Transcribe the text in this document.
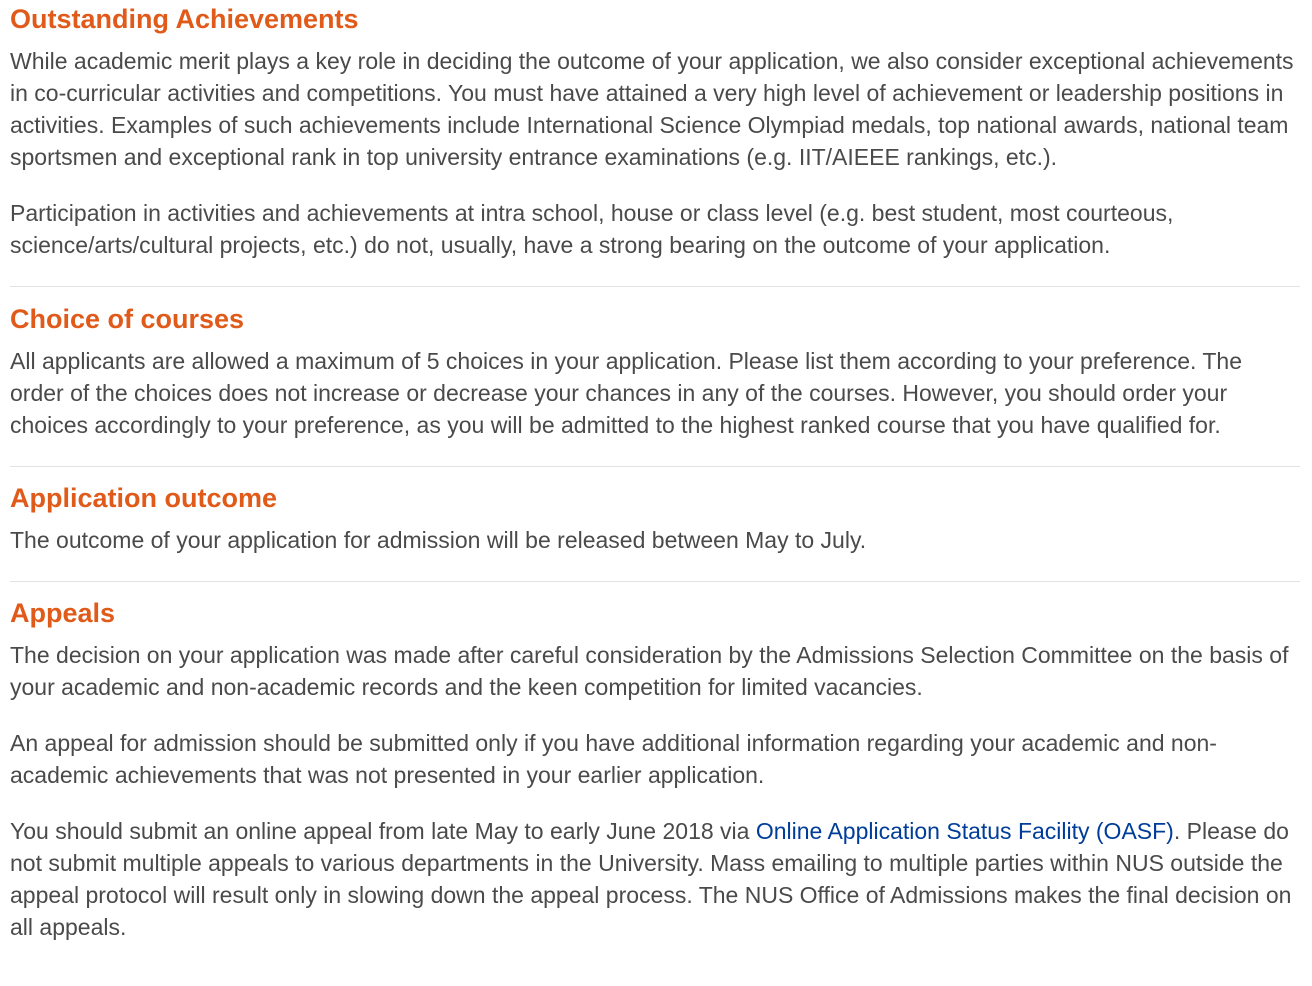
Outstanding Achievements

While academic merit plays a key role in deciding the outcome of your application, we also consider exceptional achievements in co-curricular activities and competitions. You must have attained a very high level of achievement or leadership positions in activities. Examples of such achievements include International Science Olympiad medals, top national awards, national team sportsmen and exceptional rank in top university entrance examinations (e.g. IIT/AIEEE rankings, etc.).

Participation in activities and achievements at intra school, house or class level (e.g. best student, most courteous, science/arts/cultural projects, etc.) do not, usually, have a strong bearing on the outcome of your application.

Choice of courses

All applicants are allowed a maximum of 5 choices in your application. Please list them according to your preference. The order of the choices does not increase or decrease your chances in any of the courses. However, you should order your choices accordingly to your preference, as you will be admitted to the highest ranked course that you have qualified for.

Application outcome

The outcome of your application for admission will be released between May to July.

Appeals

The decision on your application was made after careful consideration by the Admissions Selection Committee on the basis of your academic and non-academic records and the keen competition for limited vacancies.

An appeal for admission should be submitted only if you have additional information regarding your academic and non-academic achievements that was not presented in your earlier application.

You should submit an online appeal from late May to early June 2018 via Online Application Status Facility (OASF). Please do not submit multiple appeals to various departments in the University. Mass emailing to multiple parties within NUS outside the appeal protocol will result only in slowing down the appeal process. The NUS Office of Admissions makes the final decision on all appeals.
